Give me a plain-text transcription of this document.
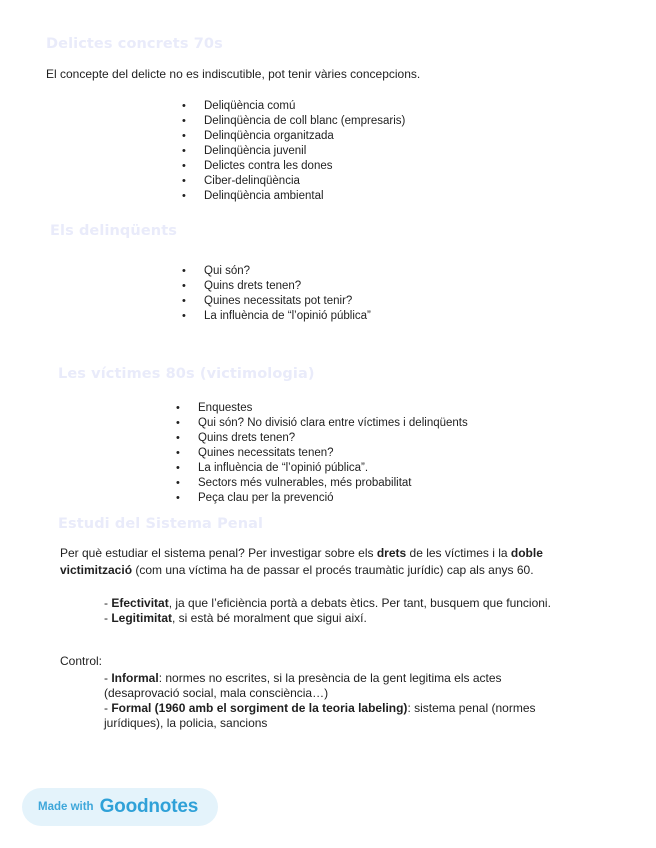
Delictes concrets 70s
El concepte del delicte no es indiscutible, pot tenir vàries concepcions.
• Deliqüència comú
• Delinqüència de coll blanc (empresaris)
• Delinqüència organitzada
• Delinqüència juvenil
• Delictes contra les dones
• Ciber-delinqüència
• Delinqüència ambiental
Els delinqüents
• Qui són?
• Quins drets tenen?
• Quines necessitats pot tenir?
• La influència de “l’opinió pública”
Les víctimes 80s (victimologia)
• Enquestes
• Qui són? No divisió clara entre víctimes i delinqüents
• Quins drets tenen?
• Quines necessitats tenen?
• La influència de “l’opinió pública”.
• Sectors més vulnerables, més probabilitat
• Peça clau per la prevenció
Estudi del Sistema Penal
Per què estudiar el sistema penal? Per investigar sobre els drets de les víctimes i la doble victimització (com una víctima ha de passar el procés traumàtic jurídic) cap als anys 60.
- Efectivitat, ja que l’eficiència portà a debats ètics. Per tant, busquem que funcioni.
- Legitimitat, si està bé moralment que sigui així.
Control:
- Informal: normes no escrites, si la presència de la gent legitima els actes (desaprovació social, mala consciència…)
- Formal (1960 amb el sorgiment de la teoria labeling): sistema penal (normes jurídiques), la policia, sancions
Made with Goodnotes
